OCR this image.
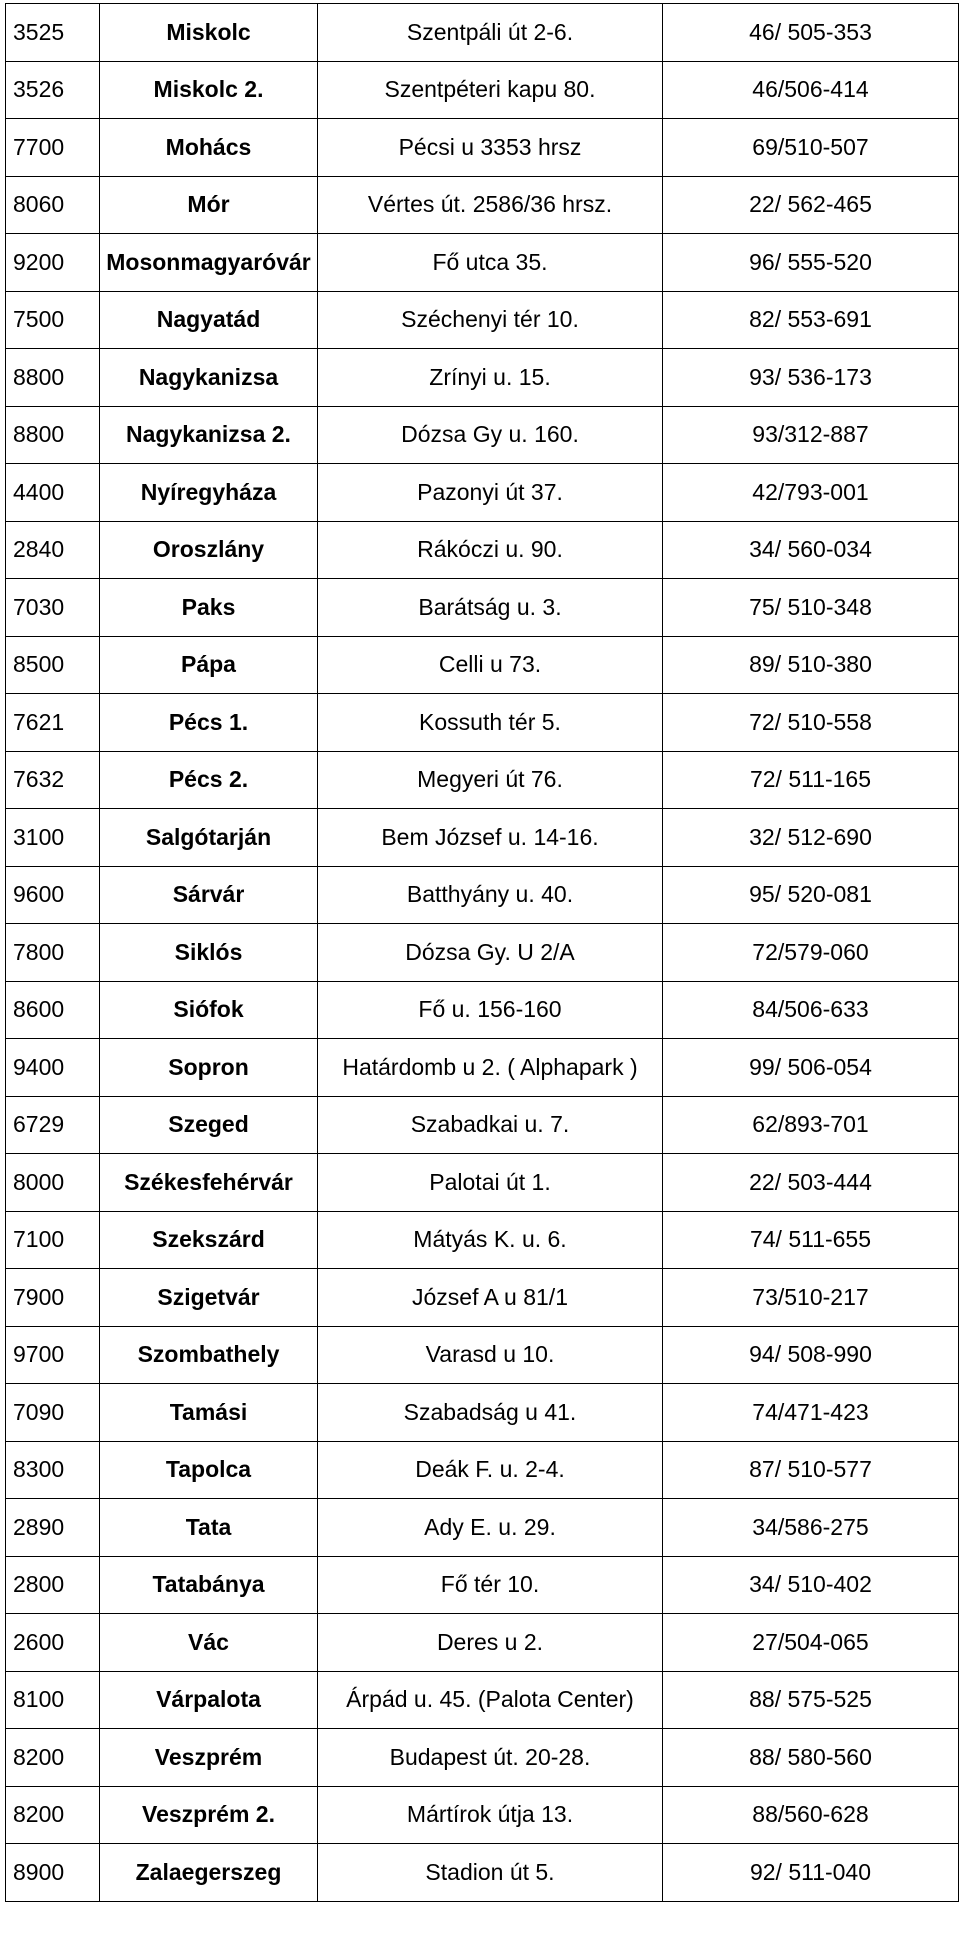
3525	Miskolc	Szentpáli út 2-6.	46/ 505-353
3526	Miskolc 2.	Szentpéteri kapu 80.	46/506-414
7700	Mohács	Pécsi u 3353 hrsz	69/510-507
8060	Mór	Vértes út. 2586/36 hrsz.	22/ 562-465
9200	Mosonmagyaróvár	Fő utca 35.	96/ 555-520
7500	Nagyatád	Széchenyi tér 10.	82/ 553-691
8800	Nagykanizsa	Zrínyi u. 15.	93/ 536-173
8800	Nagykanizsa 2.	Dózsa Gy u. 160.	93/312-887
4400	Nyíregyháza	Pazonyi út 37.	42/793-001
2840	Oroszlány	Rákóczi u. 90.	34/ 560-034
7030	Paks	Barátság u. 3.	75/ 510-348
8500	Pápa	Celli u 73.	89/ 510-380
7621	Pécs 1.	Kossuth tér 5.	72/ 510-558
7632	Pécs 2.	Megyeri út 76.	72/ 511-165
3100	Salgótarján	Bem József u. 14-16.	32/ 512-690
9600	Sárvár	Batthyány u. 40.	95/ 520-081
7800	Siklós	Dózsa Gy. U 2/A	72/579-060
8600	Siófok	Fő u. 156-160	84/506-633
9400	Sopron	Határdomb u 2. ( Alphapark )	99/ 506-054
6729	Szeged	Szabadkai u. 7.	62/893-701
8000	Székesfehérvár	Palotai út 1.	22/ 503-444
7100	Szekszárd	Mátyás K. u. 6.	74/ 511-655
7900	Szigetvár	József A u 81/1	73/510-217
9700	Szombathely	Varasd u 10.	94/ 508-990
7090	Tamási	Szabadság u 41.	74/471-423
8300	Tapolca	Deák F. u. 2-4.	87/ 510-577
2890	Tata	Ady E. u. 29.	34/586-275
2800	Tatabánya	Fő tér 10.	34/ 510-402
2600	Vác	Deres u 2.	27/504-065
8100	Várpalota	Árpád u. 45. (Palota Center)	88/ 575-525
8200	Veszprém	Budapest út. 20-28.	88/ 580-560
8200	Veszprém 2.	Mártírok útja 13.	88/560-628
8900	Zalaegerszeg	Stadion út 5.	92/ 511-040
